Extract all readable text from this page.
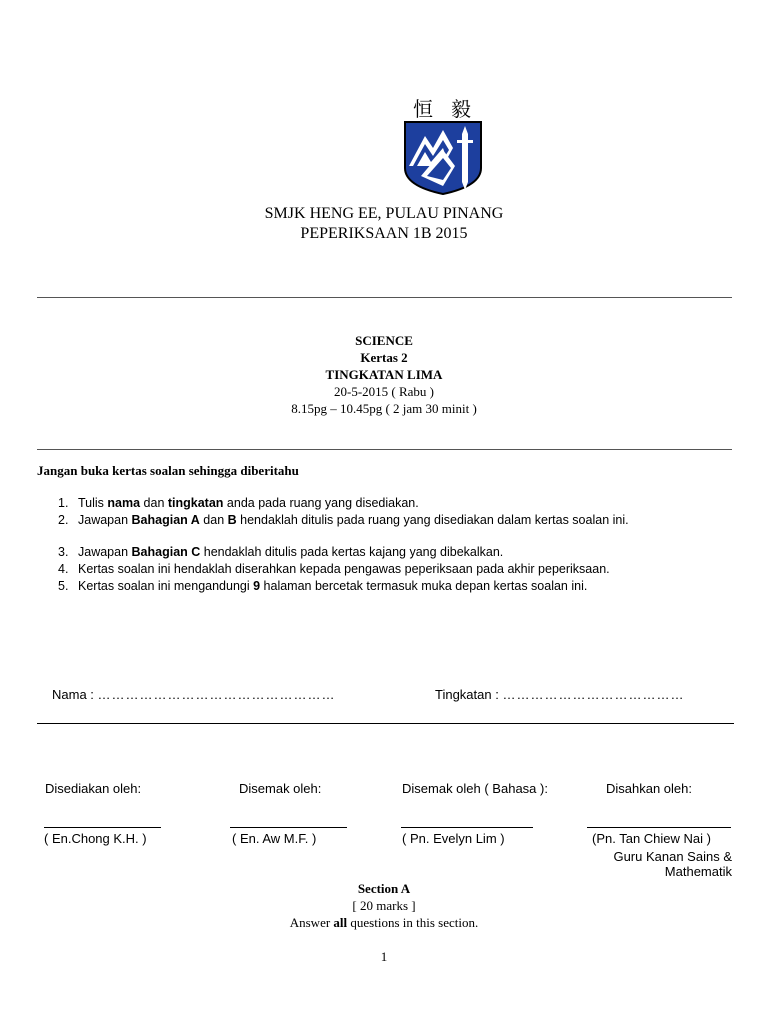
恒 毅
SMJK HENG EE, PULAU PINANG
PEPERIKSAAN 1B 2015
SCIENCE
Kertas 2
TINGKATAN LIMA
20-5-2015 ( Rabu )
8.15pg – 10.45pg ( 2 jam 30 minit )
Jangan buka kertas soalan sehingga diberitahu
1. Tulis nama dan tingkatan anda pada ruang yang disediakan.
2. Jawapan Bahagian A dan B hendaklah ditulis pada ruang yang disediakan dalam kertas soalan ini.
3. Jawapan Bahagian C hendaklah ditulis pada kertas kajang yang dibekalkan.
4. Kertas soalan ini hendaklah diserahkan kepada pengawas peperiksaan pada akhir peperiksaan.
5. Kertas soalan ini mengandungi 9 halaman bercetak termasuk muka depan kertas soalan ini.
Nama : ……………………………………………	Tingkatan : …………………………………
Disediakan oleh:	Disemak oleh:	Disemak oleh ( Bahasa ):	Disahkan oleh:
( En.Chong K.H. )	( En. Aw M.F. )	( Pn. Evelyn Lim )	(Pn. Tan Chiew Nai )
Guru Kanan Sains &
Mathematik
Section A
[ 20 marks ]
Answer all questions in this section.
1
